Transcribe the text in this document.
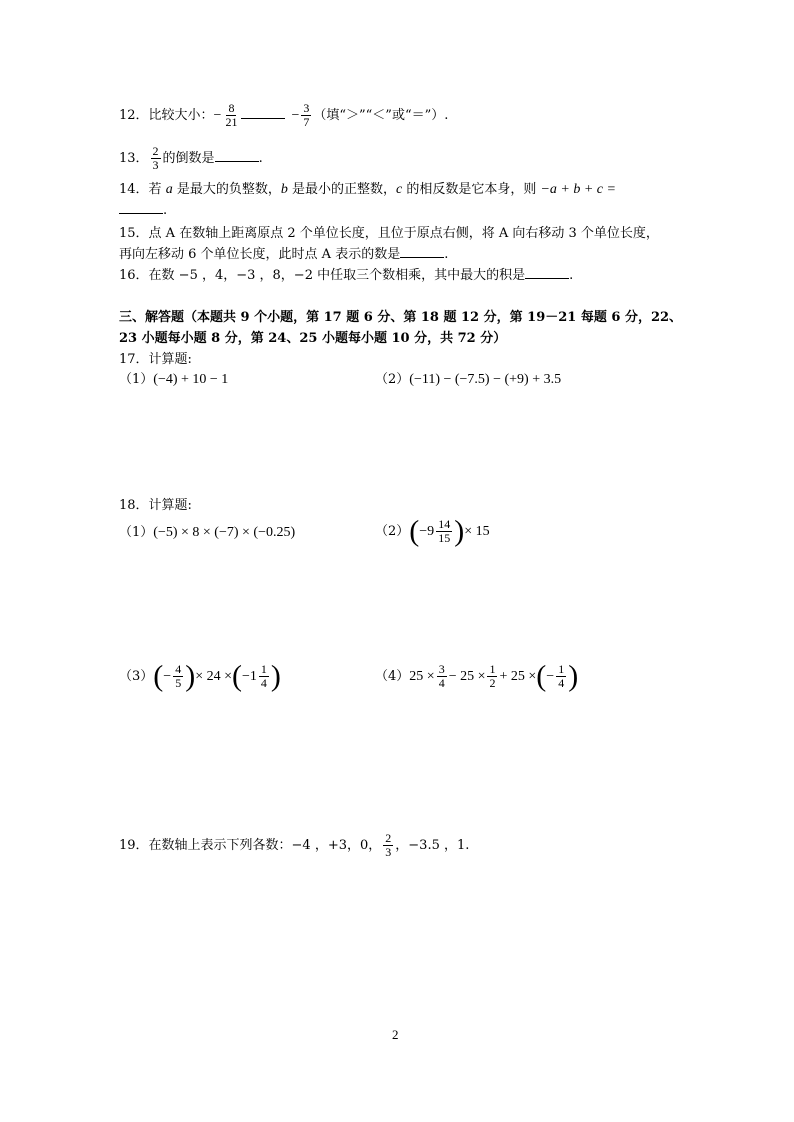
12．比较大小：− $\frac{8}{21}$	− $\frac{3}{7}$ （填“＞”“＜”或“＝”）.
13． $\frac{2}{3}$ 的倒数是	.
14．若 a 是最大的负整数，b 是最小的正整数，c 的相反数是它本身，则 −a + b + c =
.
15．点 A 在数轴上距离原点 2 个单位长度，且位于原点右侧，将 A 向右移动 3 个单位长度，
再向左移动 6 个单位长度，此时点 A 表示的数是	.
16．在数 −5 ，4，−3 ，8，−2 中任取三个数相乘，其中最大的积是	.
三、解答题（本题共 9 个小题，第 17 题 6 分、第 18 题 12 分，第 19－21 每题 6 分，22、
23 小题每小题 8 分，第 24、25 小题每小题 10 分，共 72 分）
17．计算题:
（1）(−4) + 10 − 1	（2）(−11) − (−7.5) − (+9) + 3.5
18．计算题:
（1）(−5) × 8 × (−7) × (−0.25)	$(2)(-9 \frac{14}{15}$ )× 15
$(3)(- \frac{4}{5}$ )× $24 \times(-1 \frac{1}{4}$ )	$(4)25 \times \frac{3}{4} - 25 \times \frac{1}{2} + 25$ ×(− $\frac{1}{4}$ )
19．在数轴上表示下列各数：−4 ，+3，0， $\frac{2}{3}$ ，−3.5 ，1.
2
